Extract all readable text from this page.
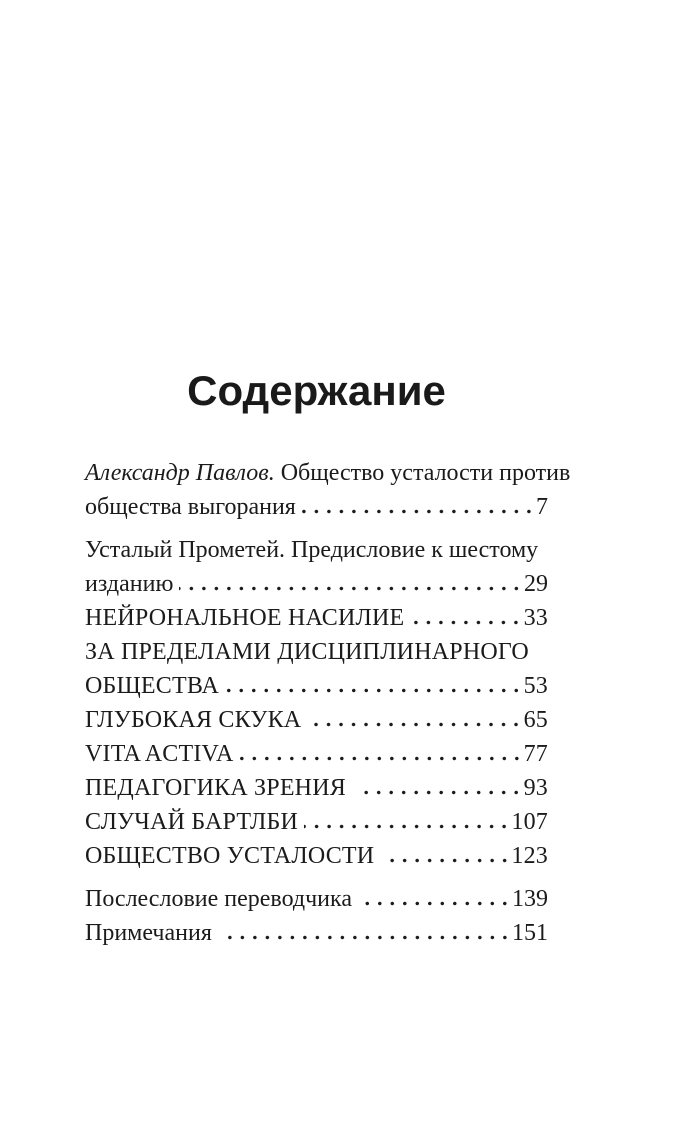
Содержание
Александр Павлов. Общество усталости против
общества выгорания	7
Усталый Прометей. Предисловие к шестому
изданию	29
НЕЙРОНАЛЬНОЕ НАСИЛИЕ	33
ЗА ПРЕДЕЛАМИ ДИСЦИПЛИНАРНОГО
ОБЩЕСТВА	53
ГЛУБОКАЯ СКУКА	65
VITA ACTIVA	77
ПЕДАГОГИКА ЗРЕНИЯ	93
СЛУЧАЙ БАРТЛБИ	107
ОБЩЕСТВО УСТАЛОСТИ	123
Послесловие переводчика	139
Примечания	151
